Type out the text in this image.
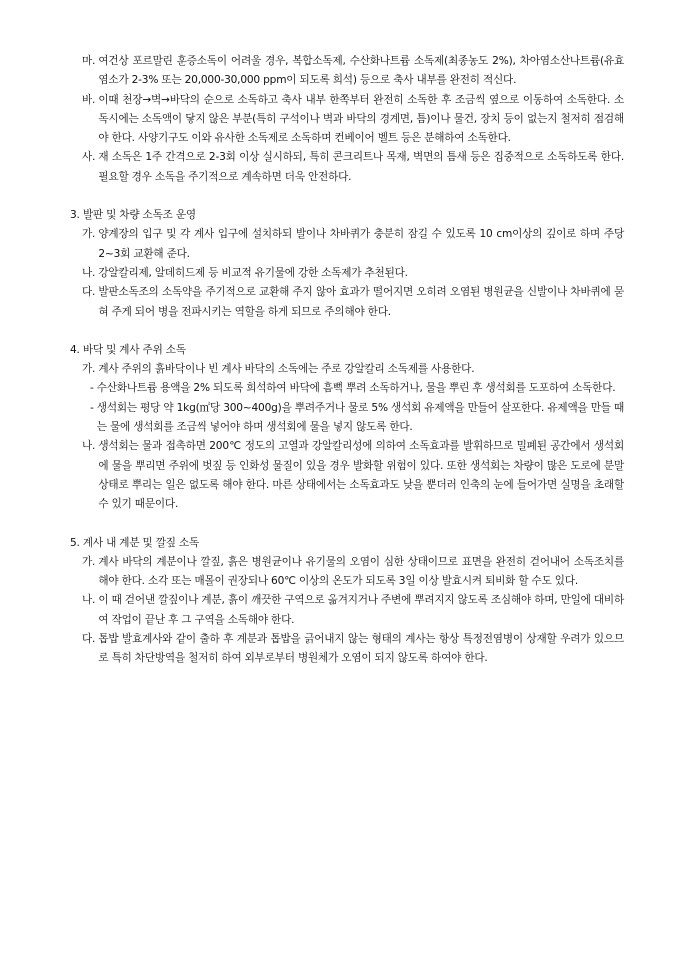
마. 여건상 포르말린 훈증소독이 어려울 경우, 복합소독제, 수산화나트륨 소독제(최종농도 2%), 차아염소산나트륨(유효염소가 2-3% 또는 20,000-30,000 ppm이 되도록 희석) 등으로 축사 내부를 완전히 적신다.
바. 이때 천장→벽→바닥의 순으로 소독하고 축사 내부 한쪽부터 완전히 소독한 후 조금씩 옆으로 이동하여 소독한다. 소독시에는 소독액이 닿지 않은 부분(특히 구석이나 벽과 바닥의 경계면, 틈)이나 물건, 장치 등이 없는지 철저히 점검해야 한다. 사양기구도 이와 유사한 소독제로 소독하며 컨베이어 벨트 등은 분해하여 소독한다.
사. 재 소독은 1주 간격으로 2-3회 이상 실시하되, 특히 콘크리트나 목재, 벽면의 틈새 등은 집중적으로 소독하도록 한다. 필요할 경우 소독을 주기적으로 계속하면 더욱 안전하다.
3. 발판 및 차량 소독조 운영
가. 양계장의 입구 및 각 계사 입구에 설치하되 발이나 차바퀴가 충분히 잠길 수 있도록 10 cm이상의 깊이로 하며 주당 2~3회 교환해 준다.
나. 강알칼리제, 알데히드제 등 비교적 유기물에 강한 소독제가 추천된다.
다. 발판소독조의 소독약을 주기적으로 교환해 주지 않아 효과가 떨어지면 오히려 오염된 병원균을 신발이나 차바퀴에 묻혀 주게 되어 병을 전파시키는 역할을 하게 되므로 주의해야 한다.
4. 바닥 및 계사 주위 소독
가. 계사 주위의 흙바닥이나 빈 계사 바닥의 소독에는 주로 강알칼리 소독제를 사용한다.
- 수산화나트륨 용액을 2% 되도록 희석하여 바닥에 흠뻑 뿌려 소독하거나, 물을 뿌린 후 생석회를 도포하여 소독한다.
- 생석회는 평당 약 1kg(㎡당 300~400g)을 뿌려주거나 물로 5% 생석회 유제액을 만들어 살포한다. 유제액을 만들 때는 물에 생석회를 조금씩 넣어야 하며 생석회에 물을 넣지 않도록 한다.
나. 생석회는 물과 접촉하면 200℃ 정도의 고열과 강알칼리성에 의하여 소독효과를 발휘하므로 밀폐된 공간에서 생석회에 물을 뿌리면 주위에 벗짚 등 인화성 물질이 있을 경우 발화할 위험이 있다. 또한 생석회는 차량이 많은 도로에 분말상태로 뿌리는 일은 없도록 해야 한다. 마른 상태에서는 소독효과도 낮을 뿐더러 인축의 눈에 들어가면 실명을 초래할 수 있기 때문이다.
5. 계사 내 계분 및 깔짚 소독
가. 계사 바닥의 계분이나 깔짚, 흙은 병원균이나 유기물의 오염이 심한 상태이므로 표면을 완전히 걷어내어 소독조치를 해야 한다. 소각 또는 매몰이 권장되나 60℃ 이상의 온도가 되도록 3일 이상 발효시켜 퇴비화 할 수도 있다.
나. 이 때 걷어낸 깔짚이나 계분, 흙이 깨끗한 구역으로 옮겨지거나 주변에 뿌려지지 않도록 조심해야 하며, 만일에 대비하여 작업이 끝난 후 그 구역을 소독해야 한다.
다. 톱밥 발효계사와 같이 출하 후 계분과 톱밥을 긁어내지 않는 형태의 계사는 항상 특정전염병이 상재할 우려가 있으므로 특히 차단방역을 철저히 하여 외부로부터 병원체가 오염이 되지 않도록 하여야 한다.
